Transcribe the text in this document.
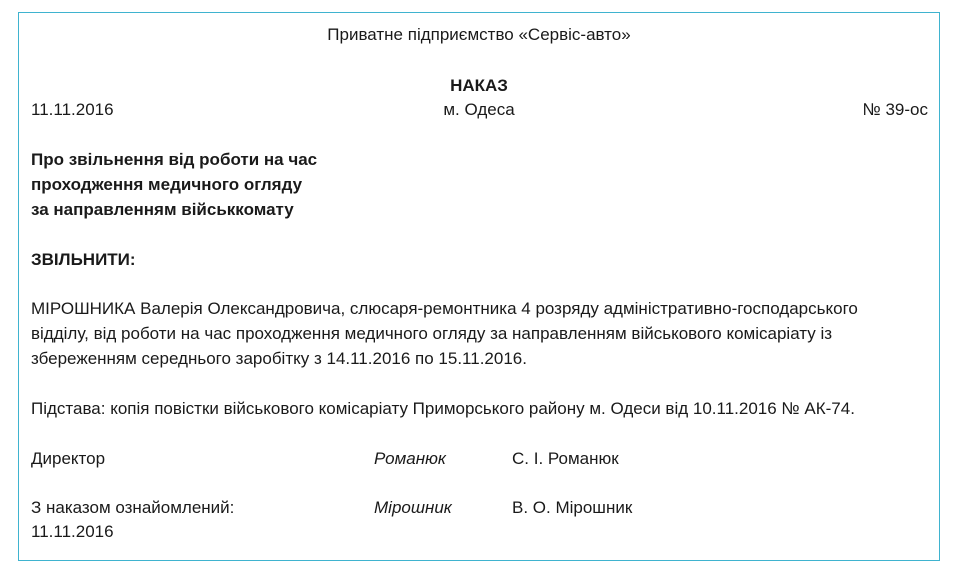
Приватне підприємство «Сервіс-авто»
НАКАЗ
11.11.2016	м. Одеса	№ 39-ос
Про звільнення від роботи на час
проходження медичного огляду
за направленням військкомату
ЗВІЛЬНИТИ:
МІРОШНИКА Валерія Олександровича, слюсаря-ремонтника 4 розряду адміністративно-господарського
відділу, від роботи на час проходження медичного огляду за направленням військового комісаріату із
збереженням середнього заробітку з 14.11.2016 по 15.11.2016.
Підстава: копія повістки військового комісаріату Приморського району м. Одеси від 10.11.2016 № АК-74.
Директор	Романюк	С. І. Романюк
З наказом ознайомлений:	Мірошник	В. О. Мірошник
11.11.2016
